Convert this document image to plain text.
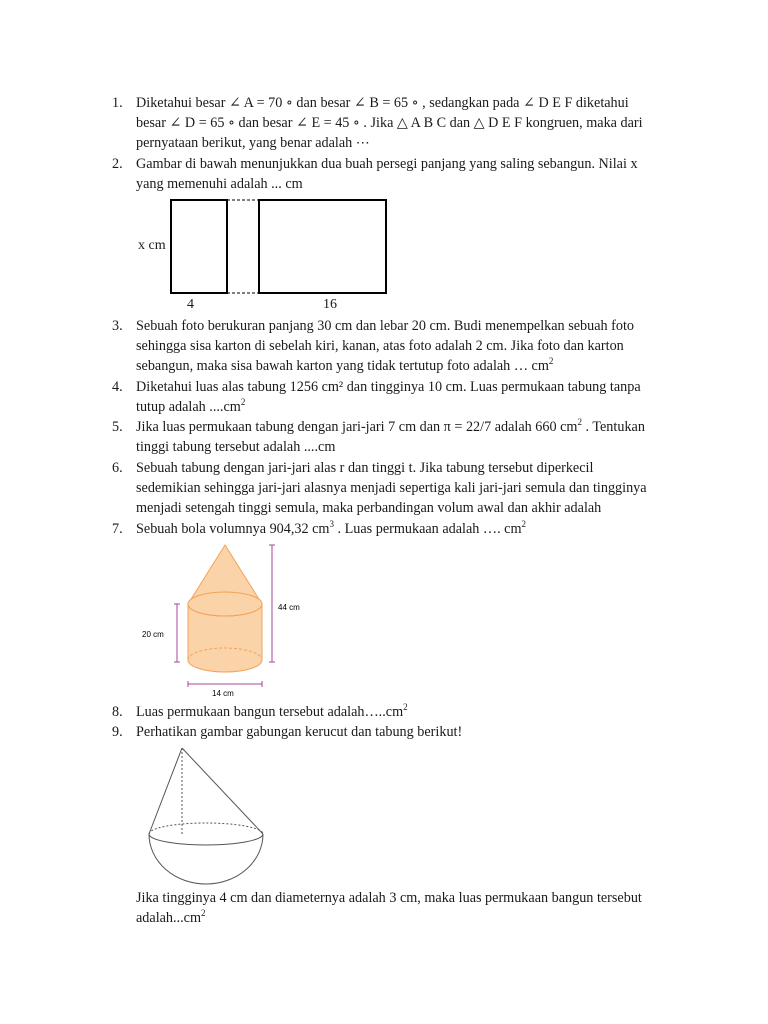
1. Diketahui besar ∠ A = 70 ∘ dan besar ∠ B = 65 ∘ , sedangkan pada ∠ D E F diketahui
besar ∠ D = 65 ∘ dan besar ∠ E = 45 ∘ . Jika △ A B C dan △ D E F kongruen, maka dari
pernyataan berikut, yang benar adalah ⋯
2. Gambar di bawah menunjukkan dua buah persegi panjang yang saling sebangun. Nilai x
yang memenuhi adalah ... cm
x cm
4	16
3. Sebuah foto berukuran panjang 30 cm dan lebar 20 cm. Budi menempelkan sebuah foto
sehingga sisa karton di sebelah kiri, kanan, atas foto adalah 2 cm. Jika foto dan karton
sebangun, maka sisa bawah karton yang tidak tertutup foto adalah … $cm^2$
4. Diketahui luas alas tabung 1256 cm² dan tingginya 10 cm. Luas permukaan tabung tanpa
tutup adalah $....cm^2$
5. Jika luas permukaan tabung dengan jari-jari 7 cm dan π = 22/7 adalah 660 $cm^2$ . Tentukan
tinggi tabung tersebut adalah ....cm
6. Sebuah tabung dengan jari-jari alas r dan tinggi t. Jika tabung tersebut diperkecil
sedemikian sehingga jari-jari alasnya menjadi sepertiga kali jari-jari semula dan tingginya
menjadi setengah tinggi semula, maka perbandingan volum awal dan akhir adalah
7. Sebuah bola volumnya 904,32 $cm^3$ . Luas permukaan adalah …. $cm^2$
20 cm
44 cm
14 cm
8. Luas permukaan bangun tersebut $adalah\dots..cm^2$
9. Perhatikan gambar gabungan kerucut dan tabung berikut!
Jika tingginya 4 cm dan diameternya adalah 3 cm, maka luas permukaan bangun tersebut
$adalah...cm^2$
